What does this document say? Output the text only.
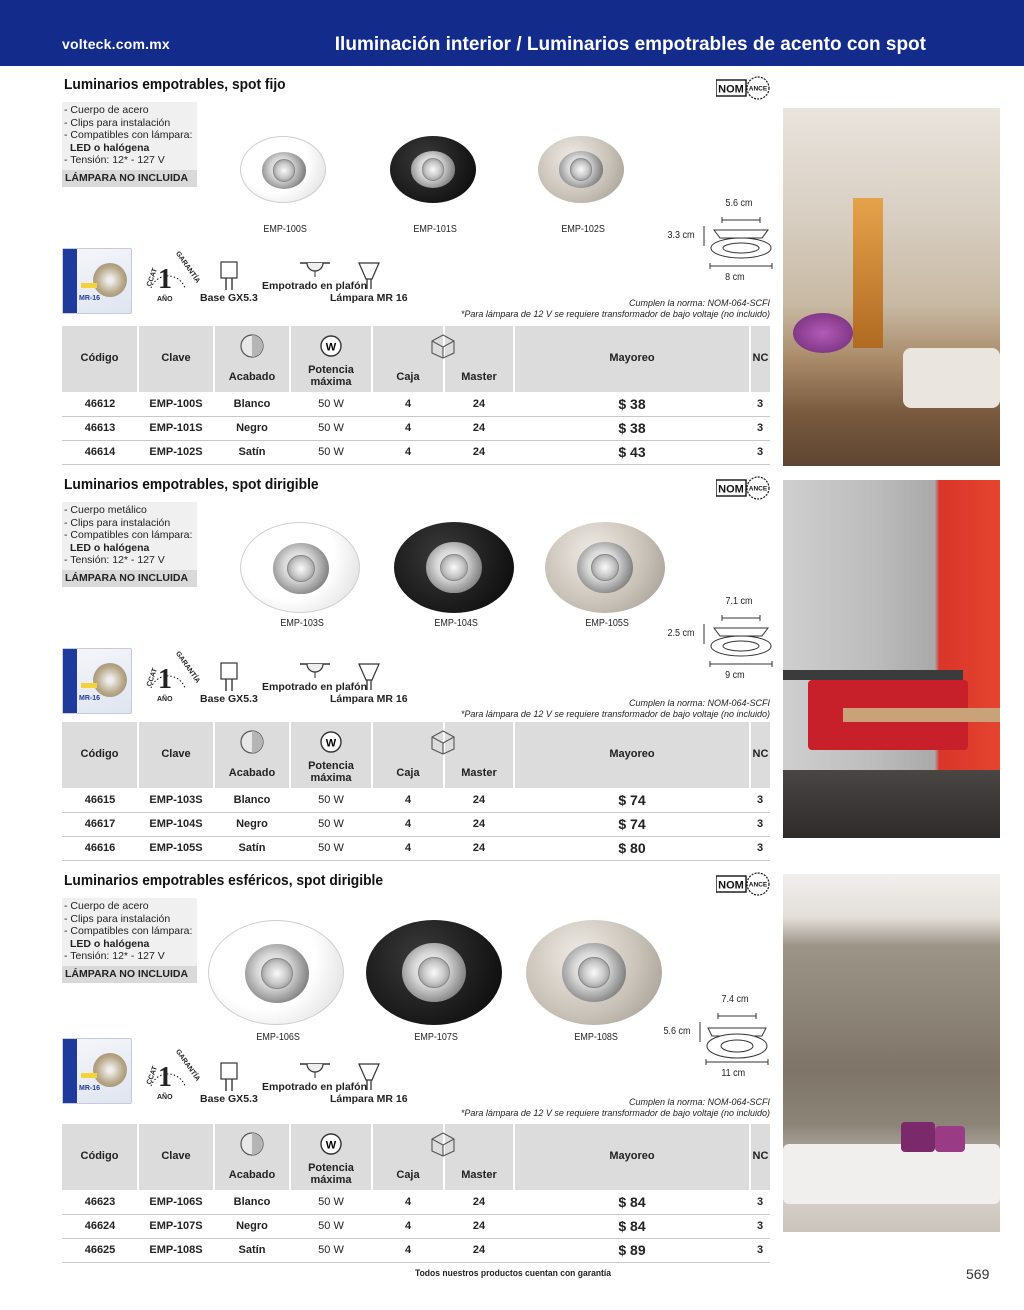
volteck.com.mx	Iluminación interior / Luminarios empotrables de acento con spot
Luminarios empotrables, spot fijo	NOM ANCE
- Cuerpo de acero
- Clips para instalación
- Compatibles con lámpara:
LED o halógena
- Tensión: 12* - 127 V
LÁMPARA NO INCLUIDA
EMP-100S	EMP-101S	EMP-102S
5.6 cm
3.3 cm
8 cm
MR-16
1
CCAT GARANTÍA
AÑO	Base GX5.3
Empotrado en plafón
Lámpara MR 16	Cumplen la norma: NOM-064-SCFI
*Para lámpara de 12 V se requiere transformador de bajo voltaje (no incluido)
Código	Clave	Acabado	W
Potencia máxima	Caja	Master	Mayoreo	NC

46612	EMP-100S	Blanco	50 W	4	24	$ 38	3
46613	EMP-101S	Negro	50 W	4	24	$ 38	3
46614	EMP-102S	Satín	50 W	4	24	$ 43	3
Luminarios empotrables, spot dirigible	NOM ANCE
- Cuerpo metálico
- Clips para instalación
- Compatibles con lámpara:
LED o halógena
- Tensión: 12* - 127 V
LÁMPARA NO INCLUIDA
EMP-103S	EMP-104S	EMP-105S
7.1 cm
2.5 cm
9 cm
MR-16
1
CCAT GARANTÍA
AÑO	Base GX5.3
Empotrado en plafón
Lámpara MR 16	Cumplen la norma: NOM-064-SCFI
*Para lámpara de 12 V se requiere transformador de bajo voltaje (no incluido)
Código	Clave	Acabado	W
Potencia máxima	Caja	Master	Mayoreo	NC

46615	EMP-103S	Blanco	50 W	4	24	$ 74	3
46617	EMP-104S	Negro	50 W	4	24	$ 74	3
46616	EMP-105S	Satín	50 W	4	24	$ 80	3
Luminarios empotrables esféricos, spot dirigible	NOM ANCE
- Cuerpo de acero
- Clips para instalación
- Compatibles con lámpara:
LED o halógena
- Tensión: 12* - 127 V
LÁMPARA NO INCLUIDA
EMP-106S	EMP-107S	EMP-108S
7.4 cm
5.6 cm
11 cm
MR-16 1
CCAT GARANTÍA
AÑO	Base GX5.3
Empotrado en plafón
Lámpara MR 16	Cumplen la norma: NOM-064-SCFI
*Para lámpara de 12 V se requiere transformador de bajo voltaje (no incluido)
Código	Clave	Acabado	W
Potencia máxima	Caja	Master	Mayoreo	NC

46623	EMP-106S	Blanco	50 W	4	24	$ 84	3
46624	EMP-107S	Negro	50 W	4	24	$ 84	3
46625	EMP-108S	Satín	50 W	4	24	$ 89	3
Todos nuestros productos cuentan con garantía	569
